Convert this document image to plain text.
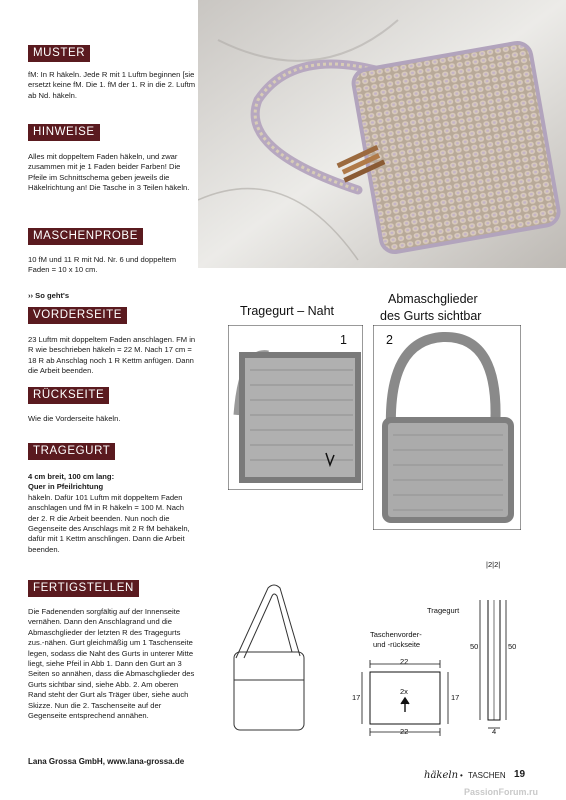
MUSTER

fM: In R häkeln. Jede R mit 1 Luftm beginnen [sie ersetzt keine fM. Die 1. fM der 1. R in die 2. Luftm ab Nd. häkeln.

HINWEISE

Alles mit doppeltem Faden häkeln, und zwar zusammen mit je 1 Faden beider Farben! Die Pfeile im Schnittschema geben jeweils die Häkelrichtung an! Die Tasche in 3 Teilen häkeln.

MASCHENPROBE

10 fM und 11 R mit Nd. Nr. 6 und doppeltem Faden = 10 x 10 cm.

›› So geht's

VORDERSEITE

23 Luftm mit doppeltem Faden anschlagen. FM in R wie beschrieben häkeln = 22 M. Nach 17 cm = 18 R ab Anschlag noch 1 R Kettm anfügen. Dann die Arbeit beenden.

RÜCKSEITE

Wie die Vorderseite häkeln.

TRAGEGURT

4 cm breit, 100 cm lang:

Quer in Pfeilrichtung

häkeln. Dafür 101 Luftm mit doppeltem Faden anschlagen und fM in R häkeln = 100 M. Nach der 2. R die Arbeit beenden. Nun noch die Gegenseite des Anschlags mit 2 R fM behäkeln, dafür mit 1 Kettm anschlingen. Dann die Arbeit beenden.

FERTIGSTELLEN

Die Fadenenden sorgfältig auf der Innenseite vernähen. Dann den Anschlagrand und die Abmaschglieder der letzten R des Tragegurts zus.-nähen. Gurt gleichmäßig um 1 Taschenseite legen, sodass die Naht des Gurts in unterer Mitte liegt, siehe Pfeil in Abb 1. Dann den Gurt an 3 Seiten so annähen, dass die Abmaschglieder des Gurts sichtbar sind, siehe Abb. 2. Am oberen Rand steht der Gurt als Träger über, siehe auch Skizze. Nun die 2. Taschenseite auf der Gegenseite entsprechend annähen.

Lana Grossa GmbH, www.lana-grossa.de
Tragegurt – Naht
1
Abmaschglieder
des Gurts sichtbar
2
Tragegurt
Taschenvorder-
und -rückseite
22
17	17
2x
22
|2|2|
50	50
4
häkeln • TASCHEN 19
PassionForum.ru
